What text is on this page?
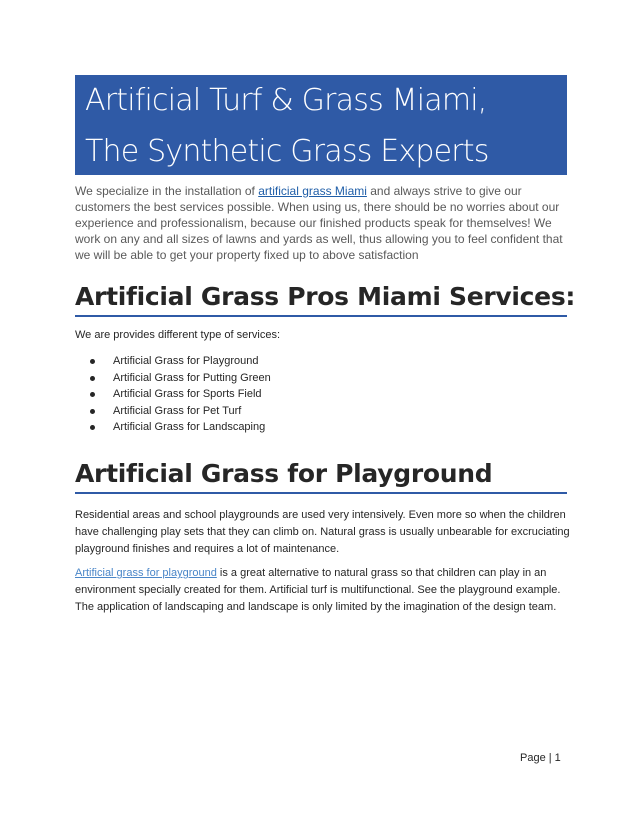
Artificial Turf & Grass Miami,
The Synthetic Grass Experts
We specialize in the installation of artificial grass Miami and always strive to give our customers the best services possible. When using us, there should be no worries about our experience and professionalism, because our finished products speak for themselves! We work on any and all sizes of lawns and yards as well, thus allowing you to feel confident that we will be able to get your property fixed up to above satisfaction
Artificial Grass Pros Miami Services:
We are provides different type of services:
Artificial Grass for Playground
Artificial Grass for Putting Green
Artificial Grass for Sports Field
Artificial Grass for Pet Turf
Artificial Grass for Landscaping
Artificial Grass for Playground
Residential areas and school playgrounds are used very intensively. Even more so when the children have challenging play sets that they can climb on. Natural grass is usually unbearable for excruciating playground finishes and requires a lot of maintenance.
Artificial grass for playground is a great alternative to natural grass so that children can play in an environment specially created for them. Artificial turf is multifunctional. See the playground example. The application of landscaping and landscape is only limited by the imagination of the design team.
Page | 1
